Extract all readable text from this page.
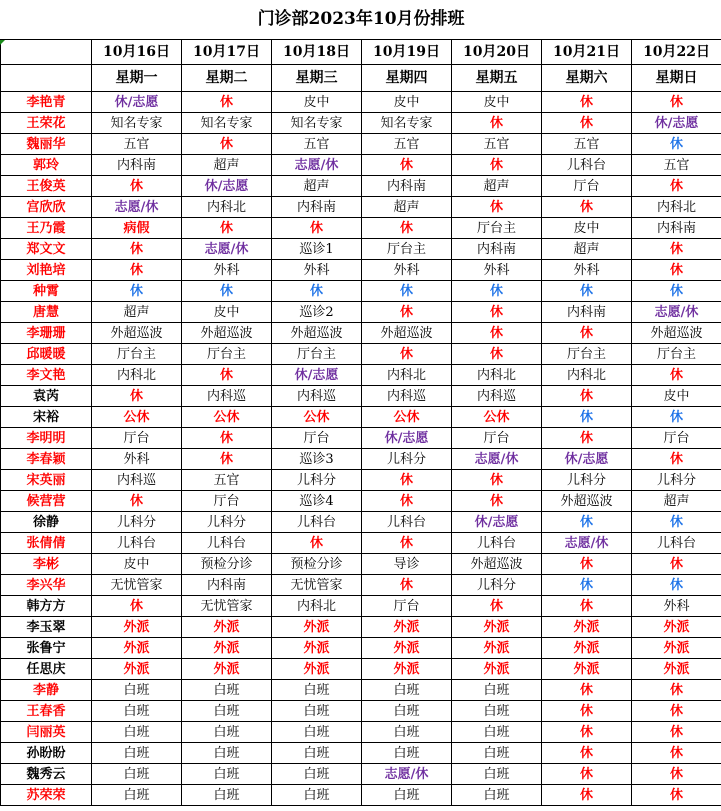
门诊部2023年10月份排班							
	10月16日	10月17日	10月18日	10月19日	10月20日	10月21日	10月22日
	星期一	星期二	星期三	星期四	星期五	星期六	星期日
李艳青	休/志愿	休	皮中	皮中	皮中	休	休
王荣花	知名专家	知名专家	知名专家	知名专家	休	休	休/志愿
魏丽华	五官	休	五官	五官	五官	五官	休
郭玲	内科南	超声	志愿/休	休	休	儿科台	五官
王俊英	休	休/志愿	超声	内科南	超声	厅台	休
宫欣欣	志愿/休	内科北	内科南	超声	休	休	内科北
王乃霞	病假	休	休	休	厅台主	皮中	内科南
郑文文	休	志愿/休	巡诊1	厅台主	内科南	超声	休
刘艳培	休	外科	外科	外科	外科	外科	休
种霄	休	休	休	休	休	休	休
唐慧	超声	皮中	巡诊2	休	休	内科南	志愿/休
李珊珊	外超巡波	外超巡波	外超巡波	外超巡波	休	休	外超巡波
邱暖暖	厅台主	厅台主	厅台主	休	休	厅台主	厅台主
李文艳	内科北	休	休/志愿	内科北	内科北	内科北	休
袁芮	休	内科巡	内科巡	内科巡	内科巡	休	皮中
宋裕	公休	公休	公休	公休	公休	休	休
李明明	厅台	休	厅台	休/志愿	厅台	休	厅台
李春颖	外科	休	巡诊3	儿科分	志愿/休	休/志愿	休
宋英丽	内科巡	五官	儿科分	休	休	儿科分	儿科分
候营营	休	厅台	巡诊4	休	休	外超巡波	超声
徐静	儿科分	儿科分	儿科台	儿科台	休/志愿	休	休
张倩倩	儿科台	儿科台	休	休	儿科台	志愿/休	儿科台
李彬	皮中	预检分诊	预检分诊	导诊	外超巡波	休	休
李兴华	无忧管家	内科南	无忧管家	休	儿科分	休	休
韩方方	休	无忧管家	内科北	厅台	休	休	外科
李玉翠	外派	外派	外派	外派	外派	外派	外派
张鲁宁	外派	外派	外派	外派	外派	外派	外派
任思庆	外派	外派	外派	外派	外派	外派	外派
李静	白班	白班	白班	白班	白班	休	休
王春香	白班	白班	白班	白班	白班	休	休
闫丽英	白班	白班	白班	白班	白班	休	休
孙盼盼	白班	白班	白班	白班	白班	休	休
魏秀云	白班	白班	白班	志愿/休	白班	休	休
苏荣荣	白班	白班	白班	白班	白班	休	休
